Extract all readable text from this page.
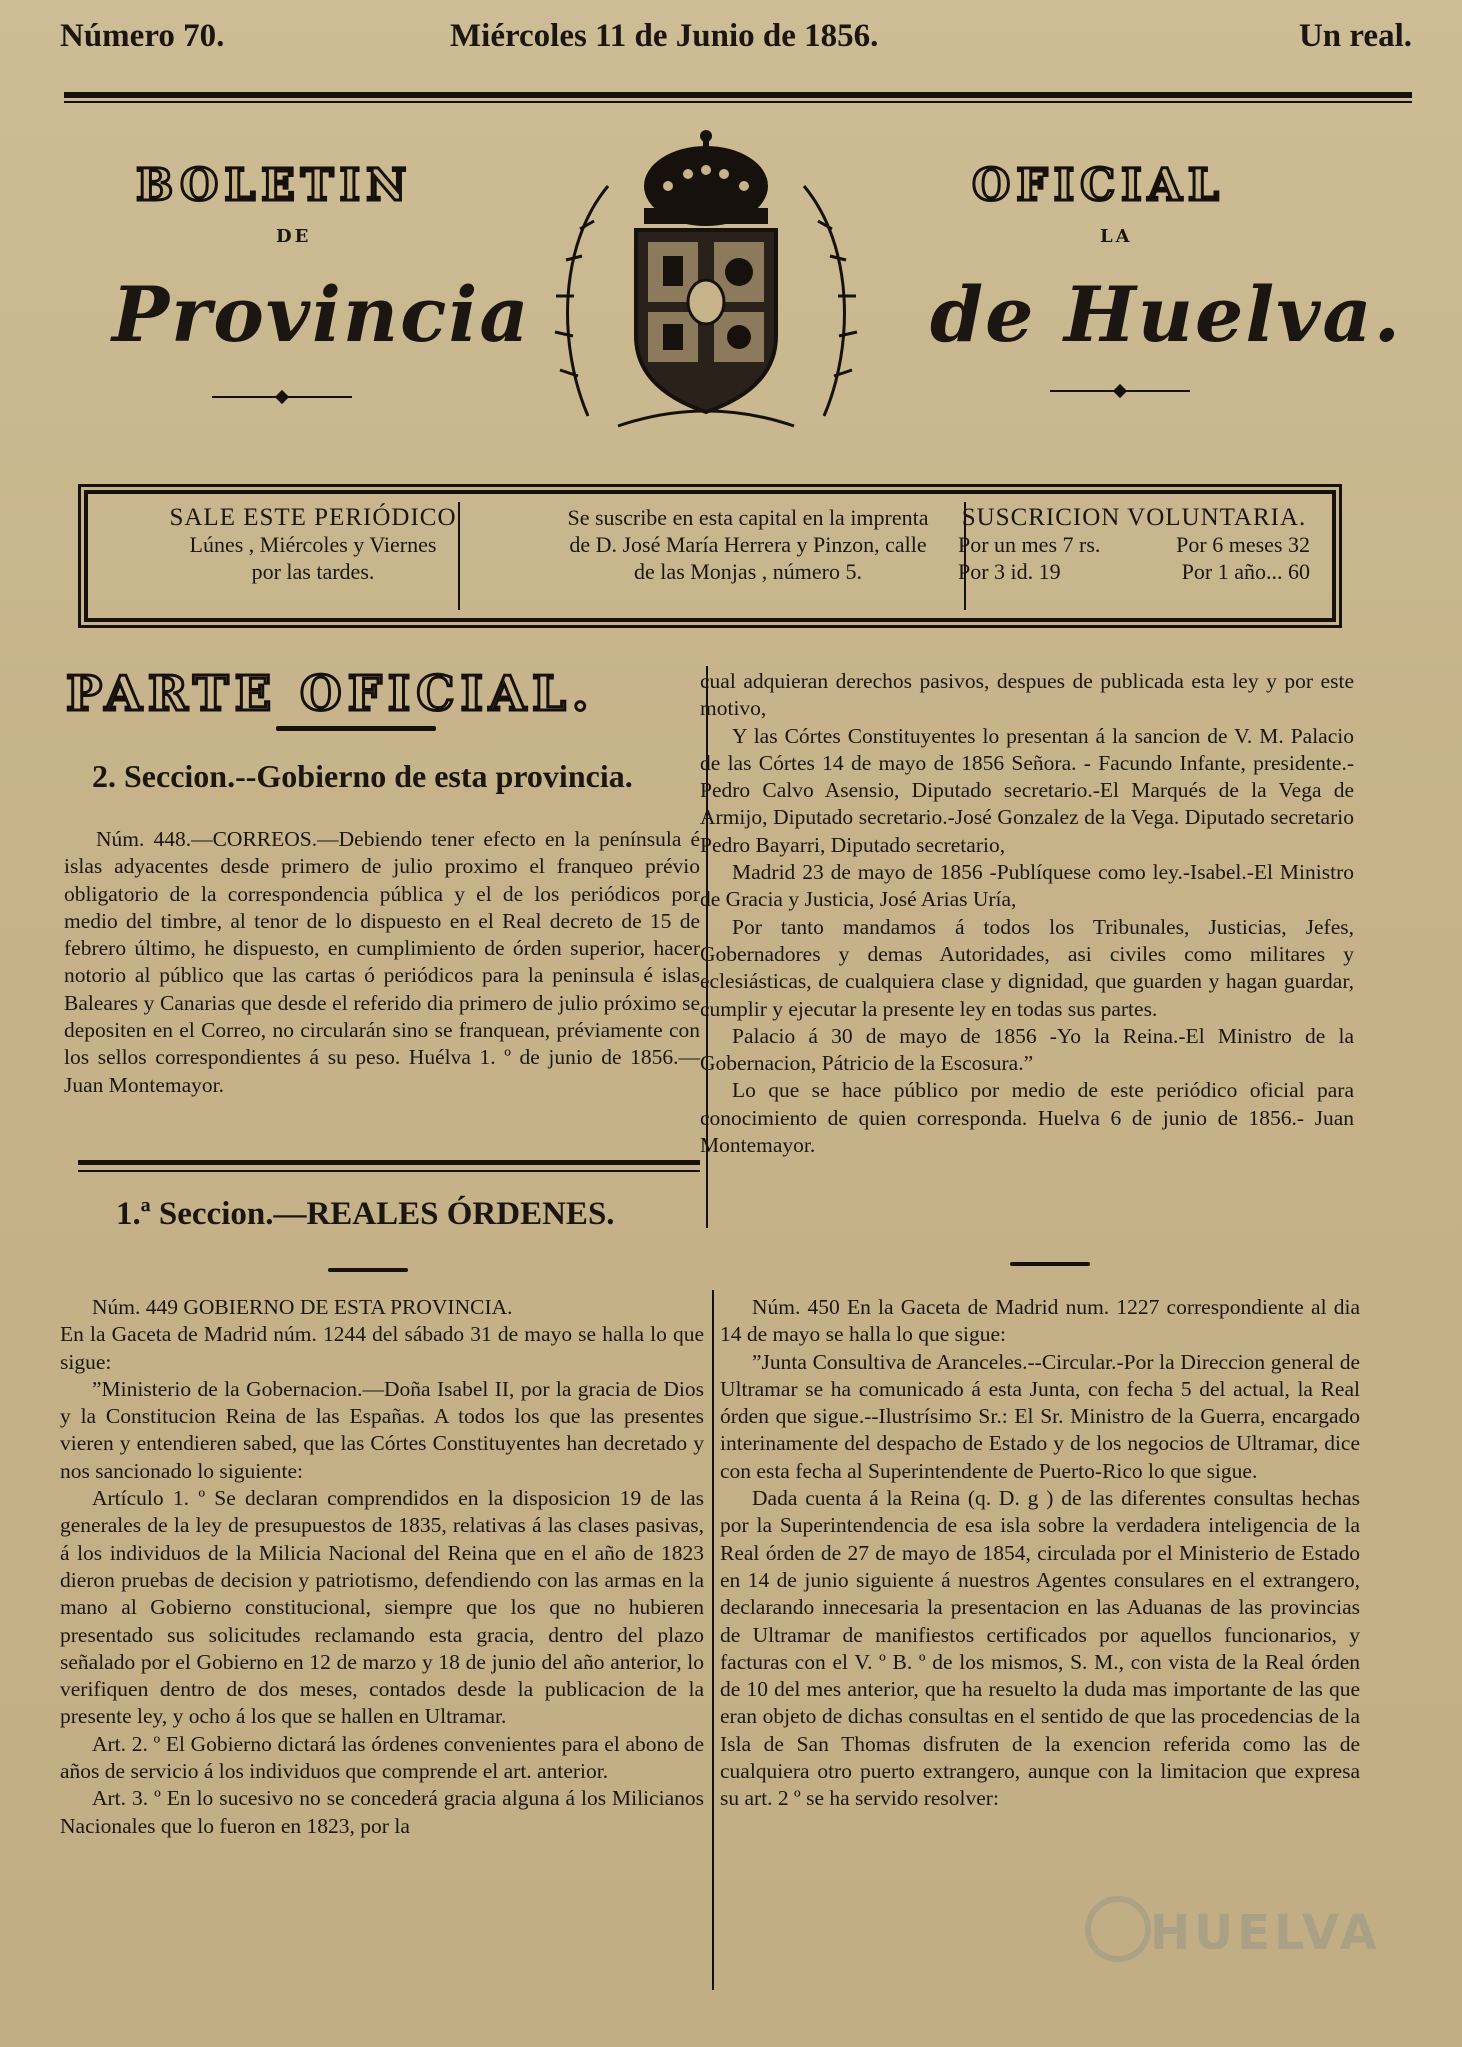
Número 70.	Miércoles 11 de Junio de 1856.	Un real.
BOLETIN	OFICIAL
DE	LA
Provincia	de Huelva.
SALE ESTE PERIÓDICO
Lúnes , Miércoles y Viernes
por las tardes.
Se suscribe en esta capital en la imprenta
de D. José María Herrera y Pinzon, calle
de las Monjas , número 5.
SUSCRICION VOLUNTARIA.
Por un mes 7 rs.	Por 6 meses 32
Por 3 id. 19	Por 1 año... 60
PARTE OFICIAL.
2. Seccion.--Gobierno de esta provincia.

Núm. 448.—CORREOS.—Debiendo tener efecto en la península é islas adyacentes desde primero de julio proximo el franqueo prévio obligatorio de la correspondencia pública y el de los periódicos por medio del timbre, al tenor de lo dispuesto en el Real decreto de 15 de febrero último, he dispuesto, en cumplimiento de órden superior, hacer notorio al público que las cartas ó periódicos para la peninsula é islas Baleares y Canarias que desde el referido dia primero de julio próximo se depositen en el Correo, no circularán sino se franquean, préviamente con los sellos correspondientes á su peso. Huélva 1. º de junio de 1856.—Juan Montemayor.

1.ª Seccion.—REALES ÓRDENES.

cual adquieran derechos pasivos, despues de publicada esta ley y por este motivo,

Y las Córtes Constituyentes lo presentan á la sancion de V. M. Palacio de las Córtes 14 de mayo de 1856 Señora. - Facundo Infante, presidente.-Pedro Calvo Asensio, Diputado secretario.-El Marqués de la Vega de Armijo, Diputado secretario.-José Gonzalez de la Vega. Diputado secretario Pedro Bayarri, Diputado secretario,

Madrid 23 de mayo de 1856 -Publíquese como ley.-Isabel.-El Ministro de Gracia y Justicia, José Arias Uría,

Por tanto mandamos á todos los Tribunales, Justicias, Jefes, Gobernadores y demas Autoridades, asi civiles como militares y eclesiásticas, de cualquiera clase y dignidad, que guarden y hagan guardar, cumplir y ejecutar la presente ley en todas sus partes.

Palacio á 30 de mayo de 1856 -Yo la Reina.-El Ministro de la Gobernacion, Pátricio de la Escosura.”

Lo que se hace público por medio de este periódico oficial para conocimiento de quien corresponda. Huelva 6 de junio de 1856.- Juan Montemayor.

Núm. 449 GOBIERNO DE ESTA PROVINCIA.

En la Gaceta de Madrid núm. 1244 del sábado 31 de mayo se halla lo que sigue:

”Ministerio de la Gobernacion.—Doña Isabel II, por la gracia de Dios y la Constitucion Reina de las Españas. A todos los que las presentes vieren y entendieren sabed, que las Córtes Constituyentes han decretado y nos sancionado lo siguiente:

Artículo 1. º Se declaran comprendidos en la disposicion 19 de las generales de la ley de presupuestos de 1835, relativas á las clases pasivas, á los individuos de la Milicia Nacional del Reina que en el año de 1823 dieron pruebas de decision y patriotismo, defendiendo con las armas en la mano al Gobierno constitucional, siempre que los que no hubieren presentado sus solicitudes reclamando esta gracia, dentro del plazo señalado por el Gobierno en 12 de marzo y 18 de junio del año anterior, lo verifiquen dentro de dos meses, contados desde la publicacion de la presente ley, y ocho á los que se hallen en Ultramar.

Art. 2. º El Gobierno dictará las órdenes convenientes para el abono de años de servicio á los individuos que comprende el art. anterior.

Art. 3. º En lo sucesivo no se concederá gracia alguna á los Milicianos Nacionales que lo fueron en 1823, por la

Núm. 450 En la Gaceta de Madrid num. 1227 correspondiente al dia 14 de mayo se halla lo que sigue:

”Junta Consultiva de Aranceles.--Circular.-Por la Direccion general de Ultramar se ha comunicado á esta Junta, con fecha 5 del actual, la Real órden que sigue.--Ilustrísimo Sr.: El Sr. Ministro de la Guerra, encargado interinamente del despacho de Estado y de los negocios de Ultramar, dice con esta fecha al Superintendente de Puerto-Rico lo que sigue.

Dada cuenta á la Reina (q. D. g ) de las diferentes consultas hechas por la Superintendencia de esa isla sobre la verdadera inteligencia de la Real órden de 27 de mayo de 1854, circulada por el Ministerio de Estado en 14 de junio siguiente á nuestros Agentes consulares en el extrangero, declarando innecesaria la presentacion en las Aduanas de las provincias de Ultramar de manifiestos certificados por aquellos funcionarios, y facturas con el V. º B. º de los mismos, S. M., con vista de la Real órden de 10 del mes anterior, que ha resuelto la duda mas importante de las que eran objeto de dichas consultas en el sentido de que las procedencias de la Isla de San Thomas disfruten de la exencion referida como las de cualquiera otro puerto extrangero, aunque con la limitacion que expresa su art. 2 º se ha servido resolver:

HUELVA
